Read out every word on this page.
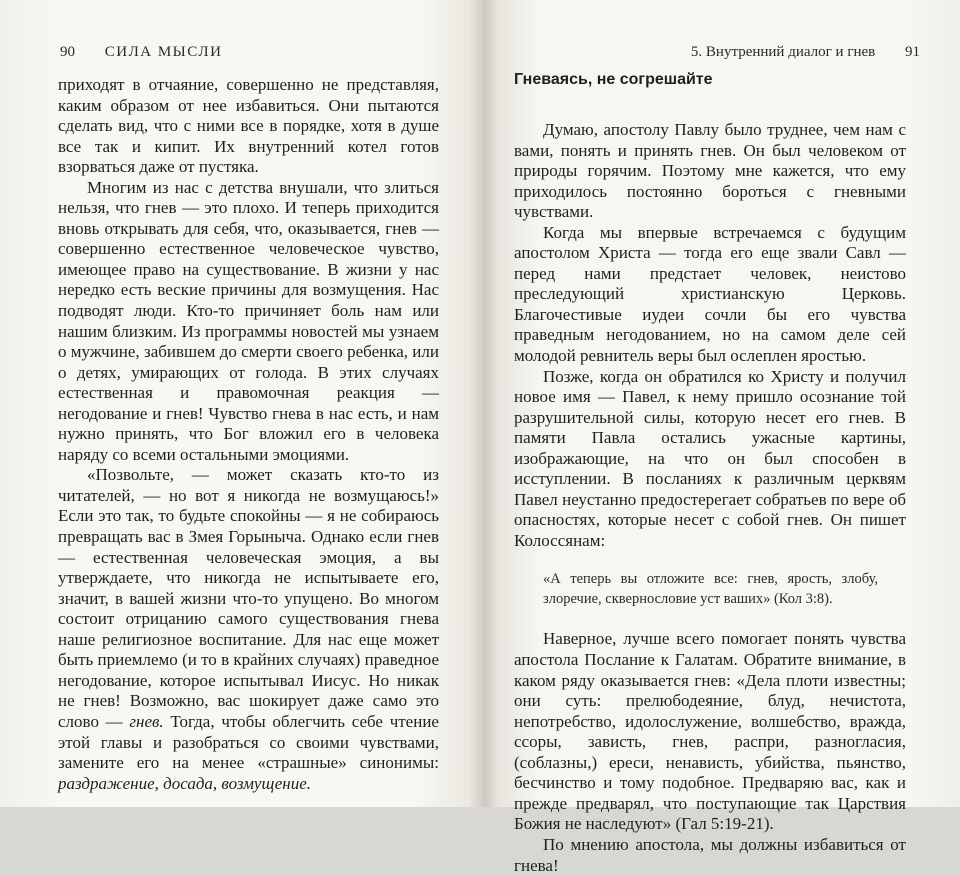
90 СИЛА МЫСЛИ

приходят в отчаяние, совершенно не представляя, каким образом от нее избавиться. Они пытаются сделать вид, что с ними все в порядке, хотя в душе все так и кипит. Их внутренний котел готов взорваться даже от пустяка.

Многим из нас с детства внушали, что злиться нельзя, что гнев — это плохо. И теперь приходится вновь открывать для себя, что, оказывается, гнев — совершенно естественное человеческое чувство, имеющее право на существование. В жизни у нас нередко есть веские причины для возмущения. Нас подводят люди. Кто-то причиняет боль нам или нашим близким. Из программы новостей мы узнаем о мужчине, забившем до смерти своего ребенка, или о детях, умирающих от голода. В этих случаях естественная и правомочная реакция — негодование и гнев! Чувство гнева в нас есть, и нам нужно принять, что Бог вложил его в человека наряду со всеми остальными эмоциями.

«Позвольте, — может сказать кто-то из читателей, — но вот я никогда не возмущаюсь!» Если это так, то будьте спокойны — я не собираюсь превращать вас в Змея Горыныча. Однако если гнев — естественная человеческая эмоция, а вы утверждаете, что никогда не испытываете его, значит, в вашей жизни что-то упущено. Во многом состоит отрицанию самого существования гнева наше религиозное воспитание. Для нас еще может быть приемлемо (и то в крайних случаях) праведное негодование, которое испытывал Иисус. Но никак не гнев! Возможно, вас шокирует даже само это слово — гнев. Тогда, чтобы облегчить себе чтение этой главы и разобраться со своими чувствами, замените его на менее «страшные» синонимы: раздражение, досада, возмущение.

5. Внутренний диалог и гнев 91
Гневаясь, не согрешайте

Думаю, апостолу Павлу было труднее, чем нам с вами, понять и принять гнев. Он был человеком от природы горячим. Поэтому мне кажется, что ему приходилось постоянно бороться с гневными чувствами.

Когда мы впервые встречаемся с будущим апостолом Христа — тогда его еще звали Савл — перед нами предстает человек, неистово преследующий христианскую Церковь. Благочестивые иудеи сочли бы его чувства праведным негодованием, но на самом деле сей молодой ревнитель веры был ослеплен яростью.

Позже, когда он обратился ко Христу и получил новое имя — Павел, к нему пришло осознание той разрушительной силы, которую несет его гнев. В памяти Павла остались ужасные картины, изображающие, на что он был способен в исступлении. В посланиях к различным церквям Павел неустанно предостерегает собратьев по вере об опасностях, которые несет с собой гнев. Он пишет Колоссянам:

«А теперь вы отложите все: гнев, ярость, злобу, злоречие, сквернословие уст ваших» (Кол 3:8).

Наверное, лучше всего помогает понять чувства апостола Послание к Галатам. Обратите внимание, в каком ряду оказывается гнев: «Дела плоти известны; они суть: прелюбодеяние, блуд, нечистота, непотребство, идолослужение, волшебство, вражда, ссоры, зависть, гнев, распри, разногласия, (соблазны,) ереси, ненависть, убийства, пьянство, бесчинство и тому подобное. Предваряю вас, как и прежде предварял, что поступающие так Царствия Божия не наследуют» (Гал 5:19-21).

По мнению апостола, мы должны избавиться от гнева!
